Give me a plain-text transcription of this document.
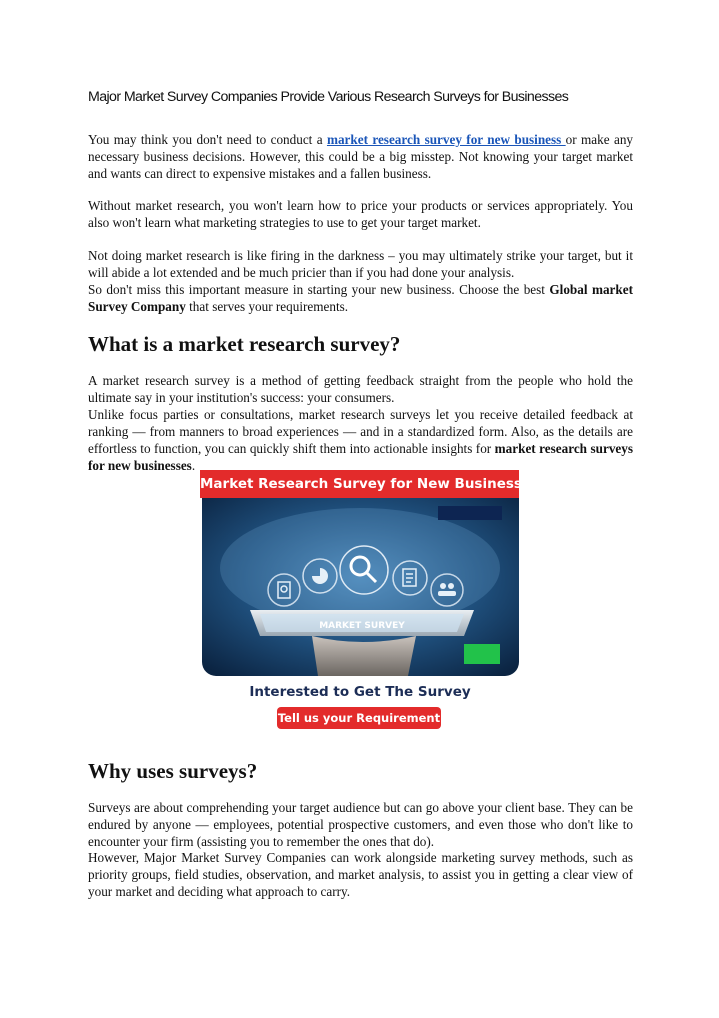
Major Market Survey Companies Provide Various Research Surveys for Businesses
You may think you don't need to conduct a market research survey for new business or make any necessary business decisions. However, this could be a big misstep. Not knowing your target market and wants can direct to expensive mistakes and a fallen business.
Without market research, you won't learn how to price your products or services appropriately. You also won't learn what marketing strategies to use to get your target market.
Not doing market research is like firing in the darkness – you may ultimately strike your target, but it will abide a lot extended and be much pricier than if you had done your analysis.
So don't miss this important measure in starting your new business. Choose the best Global market Survey Company that serves your requirements.
What is a market research survey?
A market research survey is a method of getting feedback straight from the people who hold the ultimate say in your institution's success: your consumers.
Unlike focus parties or consultations, market research surveys let you receive detailed feedback at ranking — from manners to broad experiences — and in a standardized form. Also, as the details are effortless to function, you can quickly shift them into actionable insights for market research surveys for new businesses.
Market Research Survey for New Business
MARKET SURVEY
Interested to Get The Survey
Tell us your Requirement
Why uses surveys?
Surveys are about comprehending your target audience but can go above your client base. They can be endured by anyone — employees, potential prospective customers, and even those who don't like to encounter your firm (assisting you to remember the ones that do).
However, Major Market Survey Companies can work alongside marketing survey methods, such as priority groups, field studies, observation, and market analysis, to assist you in getting a clear view of your market and deciding what approach to carry.
